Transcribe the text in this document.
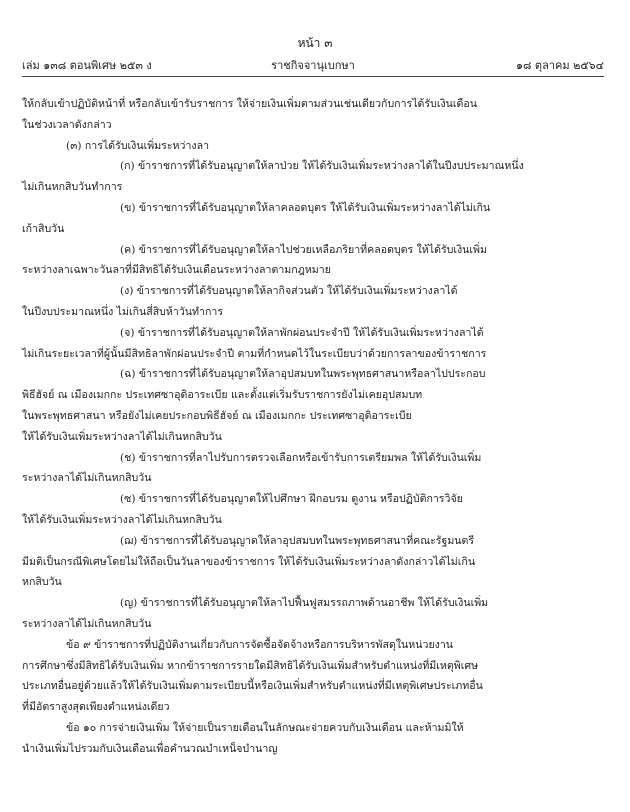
หน้า ๓
เล่ม ๑๓๘ ตอนพิเศษ ๒๕๓ ง	ราชกิจจานุเบกษา	๑๘ ตุลาคม ๒๕๖๔

ให้กลับเข้าปฏิบัติหน้าที่ หรือกลับเข้ารับราชการ ให้จ่ายเงินเพิ่มตามส่วนเช่นเดียวกับการได้รับเงินเดือน

ในช่วงเวลาดังกล่าว

(๓) การได้รับเงินเพิ่มระหว่างลา

(ก) ข้าราชการที่ได้รับอนุญาตให้ลาป่วย ให้ได้รับเงินเพิ่มระหว่างลาได้ในปีงบประมาณหนึ่ง

ไม่เกินหกสิบวันทำการ

(ข) ข้าราชการที่ได้รับอนุญาตให้ลาคลอดบุตร ให้ได้รับเงินเพิ่มระหว่างลาได้ไม่เกิน

เก้าสิบวัน

(ค) ข้าราชการที่ได้รับอนุญาตให้ลาไปช่วยเหลือภริยาที่คลอดบุตร ให้ได้รับเงินเพิ่ม

ระหว่างลาเฉพาะวันลาที่มีสิทธิได้รับเงินเดือนระหว่างลาตามกฎหมาย

(ง) ข้าราชการที่ได้รับอนุญาตให้ลากิจส่วนตัว ให้ได้รับเงินเพิ่มระหว่างลาได้

ในปีงบประมาณหนึ่ง ไม่เกินสี่สิบห้าวันทำการ

(จ) ข้าราชการที่ได้รับอนุญาตให้ลาพักผ่อนประจำปี ให้ได้รับเงินเพิ่มระหว่างลาได้

ไม่เกินระยะเวลาที่ผู้นั้นมีสิทธิลาพักผ่อนประจำปี ตามที่กำหนดไว้ในระเบียบว่าด้วยการลาของข้าราชการ

(ฉ) ข้าราชการที่ได้รับอนุญาตให้ลาอุปสมบทในพระพุทธศาสนาหรือลาไปประกอบ

พิธีฮัจย์ ณ เมืองเมกกะ ประเทศซาอุดิอาระเบีย และตั้งแต่เริ่มรับราชการยังไม่เคยอุปสมบท

ในพระพุทธศาสนา หรือยังไม่เคยประกอบพิธีฮัจย์ ณ เมืองเมกกะ ประเทศซาอุดิอาระเบีย

ให้ได้รับเงินเพิ่มระหว่างลาได้ไม่เกินหกสิบวัน

(ช) ข้าราชการที่ลาไปรับการตรวจเลือกหรือเข้ารับการเตรียมพล ให้ได้รับเงินเพิ่ม

ระหว่างลาได้ไม่เกินหกสิบวัน

(ซ) ข้าราชการที่ได้รับอนุญาตให้ไปศึกษา ฝึกอบรม ดูงาน หรือปฏิบัติการวิจัย

ให้ได้รับเงินเพิ่มระหว่างลาได้ไม่เกินหกสิบวัน

(ฌ) ข้าราชการที่ได้รับอนุญาตให้ลาอุปสมบทในพระพุทธศาสนาที่คณะรัฐมนตรี

มีมติเป็นกรณีพิเศษโดยไม่ให้ถือเป็นวันลาของข้าราชการ ให้ได้รับเงินเพิ่มระหว่างลาดังกล่าวได้ไม่เกิน

หกสิบวัน

(ญ) ข้าราชการที่ได้รับอนุญาตให้ลาไปฟื้นฟูสมรรถภาพด้านอาชีพ ให้ได้รับเงินเพิ่ม

ระหว่างลาได้ไม่เกินหกสิบวัน

ข้อ ๙ ข้าราชการที่ปฏิบัติงานเกี่ยวกับการจัดซื้อจัดจ้างหรือการบริหารพัสดุในหน่วยงาน

การศึกษาซึ่งมีสิทธิได้รับเงินเพิ่ม หากข้าราชการรายใดมีสิทธิได้รับเงินเพิ่มสำหรับตำแหน่งที่มีเหตุพิเศษ

ประเภทอื่นอยู่ด้วยแล้วให้ได้รับเงินเพิ่มตามระเบียบนี้หรือเงินเพิ่มสำหรับตำแหน่งที่มีเหตุพิเศษประเภทอื่น

ที่มีอัตราสูงสุดเพียงตำแหน่งเดียว

ข้อ ๑๐ การจ่ายเงินเพิ่ม ให้จ่ายเป็นรายเดือนในลักษณะจ่ายควบกับเงินเดือน และห้ามมิให้

นำเงินเพิ่มไปรวมกับเงินเดือนเพื่อคำนวณบำเหน็จบำนาญ
